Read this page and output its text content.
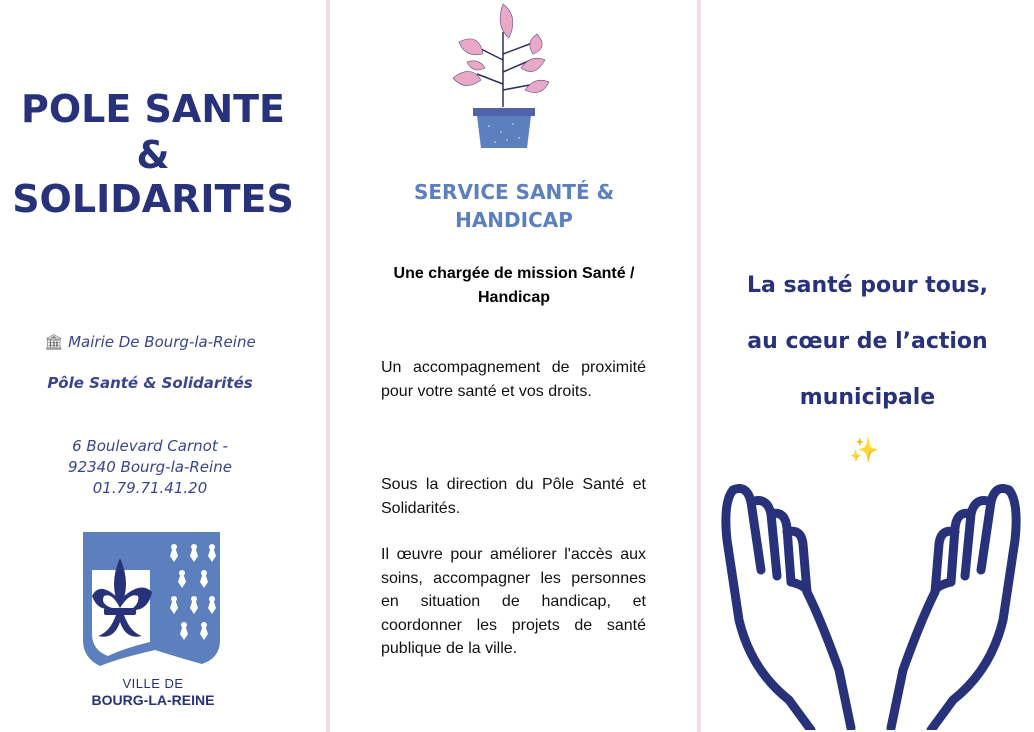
POLE SANTE
&
SOLIDARITES
🏛 Mairie De Bourg-la-Reine
Pôle Santé & Solidarités
6 Boulevard Carnot -
92340 Bourg-la-Reine
01.79.71.41.20
VILLE DE
BOURG-LA-REINE
SERVICE SANTÉ &
HANDICAP
Une chargée de mission Santé /
Handicap
Un accompagnement de proximité pour votre santé et vos droits.
Sous la direction du Pôle Santé et Solidarités.
Il œuvre pour améliorer l'accès aux soins, accompagner les personnes en situation de handicap, et coordonner les projets de santé publique de la ville.
La santé pour tous,
au cœur de l’action
municipale
✨
